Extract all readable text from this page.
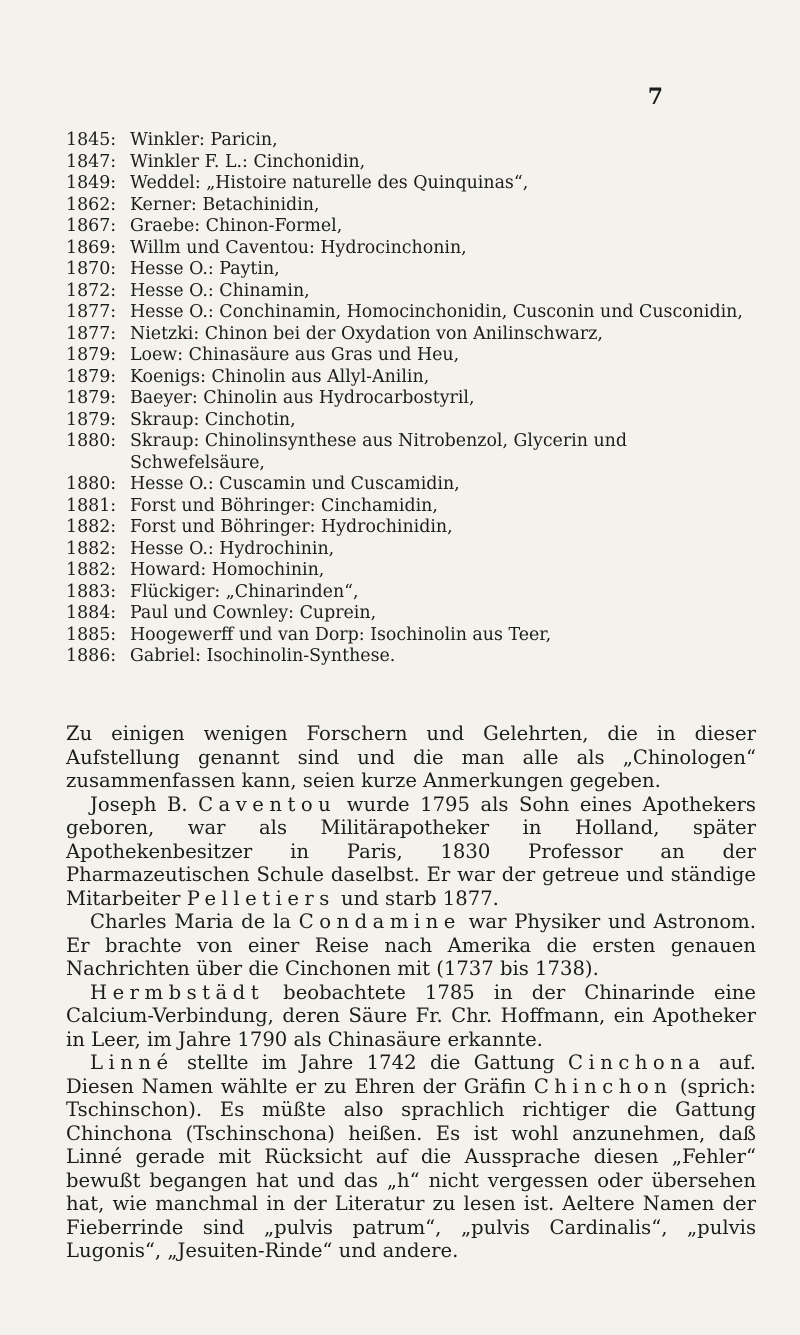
7
1845: Winkler: Paricin,
1847: Winkler F. L.: Cinchonidin,
1849: Weddel: „Histoire naturelle des Quinquinas“,
1862: Kerner: Betachinidin,
1867: Graebe: Chinon-Formel,
1869: Willm und Caventou: Hydrocinchonin,
1870: Hesse O.: Paytin,
1872: Hesse O.: Chinamin,
1877: Hesse O.: Conchinamin, Homocinchonidin, Cusconin und Cusconidin,
1877: Nietzki: Chinon bei der Oxydation von Anilinschwarz,
1879: Loew: Chinasäure aus Gras und Heu,
1879: Koenigs: Chinolin aus Allyl-Anilin,
1879: Baeyer: Chinolin aus Hydrocarbostyril,
1879: Skraup: Cinchotin,
1880: Skraup: Chinolinsynthese aus Nitrobenzol, Glycerin und Schwefelsäure,
1880: Hesse O.: Cuscamin und Cuscamidin,
1881: Forst und Böhringer: Cinchamidin,
1882: Forst und Böhringer: Hydrochinidin,
1882: Hesse O.: Hydrochinin,
1882: Howard: Homochinin,
1883: Flückiger: „Chinarinden“,
1884: Paul und Cownley: Cuprein,
1885: Hoogewerff und van Dorp: Isochinolin aus Teer,
1886: Gabriel: Isochinolin-Synthese.

Zu einigen wenigen Forschern und Gelehrten, die in dieser Aufstellung genannt sind und die man alle als „Chinologen“ zusammenfassen kann, seien kurze Anmerkungen gegeben.

Joseph B. Caventou wurde 1795 als Sohn eines Apothekers geboren, war als Militärapotheker in Holland, später Apothekenbesitzer in Paris, 1830 Professor an der Pharmazeutischen Schule daselbst. Er war der getreue und ständige Mitarbeiter Pelletiers und starb 1877.

Charles Maria de la Condamine war Physiker und Astronom. Er brachte von einer Reise nach Amerika die ersten genauen Nachrichten über die Cinchonen mit (1737 bis 1738).

Hermbstädt beobachtete 1785 in der Chinarinde eine Calcium-Verbindung, deren Säure Fr. Chr. Hoffmann, ein Apotheker in Leer, im Jahre 1790 als Chinasäure erkannte.

Linné stellte im Jahre 1742 die Gattung Cinchona auf. Diesen Namen wählte er zu Ehren der Gräfin Chinchon (sprich: Tschinschon). Es müßte also sprachlich richtiger die Gattung Chinchona (Tschinschona) heißen. Es ist wohl anzunehmen, daß Linné gerade mit Rücksicht auf die Aussprache diesen „Fehler“ bewußt begangen hat und das „h“ nicht vergessen oder übersehen hat, wie manchmal in der Literatur zu lesen ist. Aeltere Namen der Fieberrinde sind „pulvis patrum“, „pulvis Cardinalis“, „pulvis Lugonis“, „Jesuiten-Rinde“ und andere.
